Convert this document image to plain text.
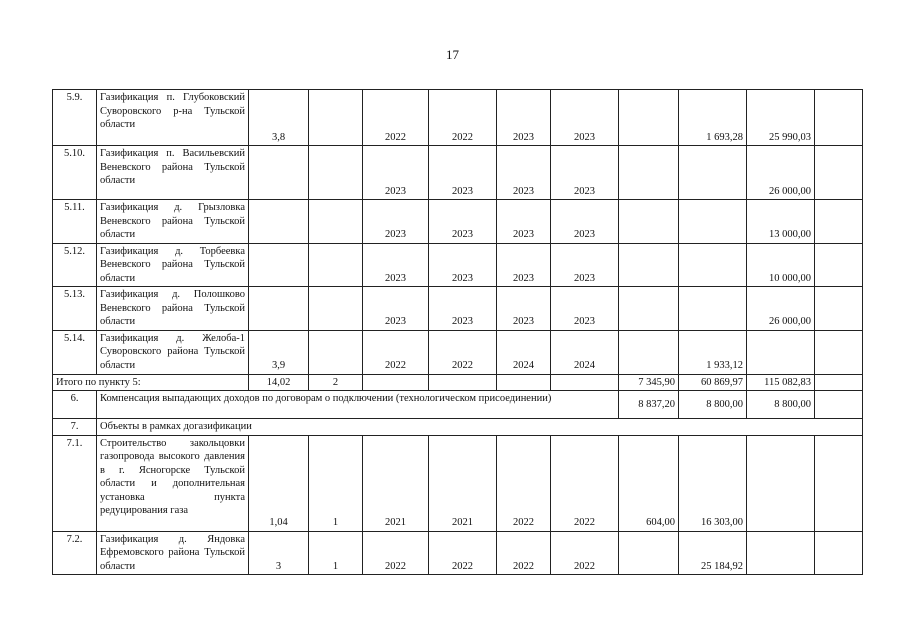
17
5.9.	Газификация п. Глубоковский Суворовского р-на Тульской области	3,8		2022	2022	2023	2023		1 693,28	25 990,03	
5.10.	Газификация п. Васильевский Веневского района Тульской области			2023	2023	2023	2023			26 000,00	
5.11.	Газификация д. Грызловка Веневского района Тульской области			2023	2023	2023	2023			13 000,00	
5.12.	Газификация д. Торбеевка Веневского района Тульской области			2023	2023	2023	2023			10 000,00	
5.13.	Газификация д. Полошково Веневского района Тульской области			2023	2023	2023	2023			26 000,00	
5.14.	Газификация д. Желоба-1 Суворовского района Тульской области	3,9		2022	2022	2024	2024		1 933,12		
Итого по пункту 5:		14,02	2					7 345,90	60 869,97	115 082,83	
6.	Компенсация выпадающих доходов по договорам о подключении (технологическом присоединении)							8 837,20	8 800,00	8 800,00	
7.	Объекты в рамках догазификации										
7.1.	Строительство закольцовки газопровода высокого давления в г. Ясногорске Тульской области и дополнительная установка пункта редуцирования газа	1,04	1	2021	2021	2022	2022	604,00	16 303,00		
7.2.	Газификация д. Яндовка Ефремовского района Тульской области	3	1	2022	2022	2022	2022		25 184,92		
